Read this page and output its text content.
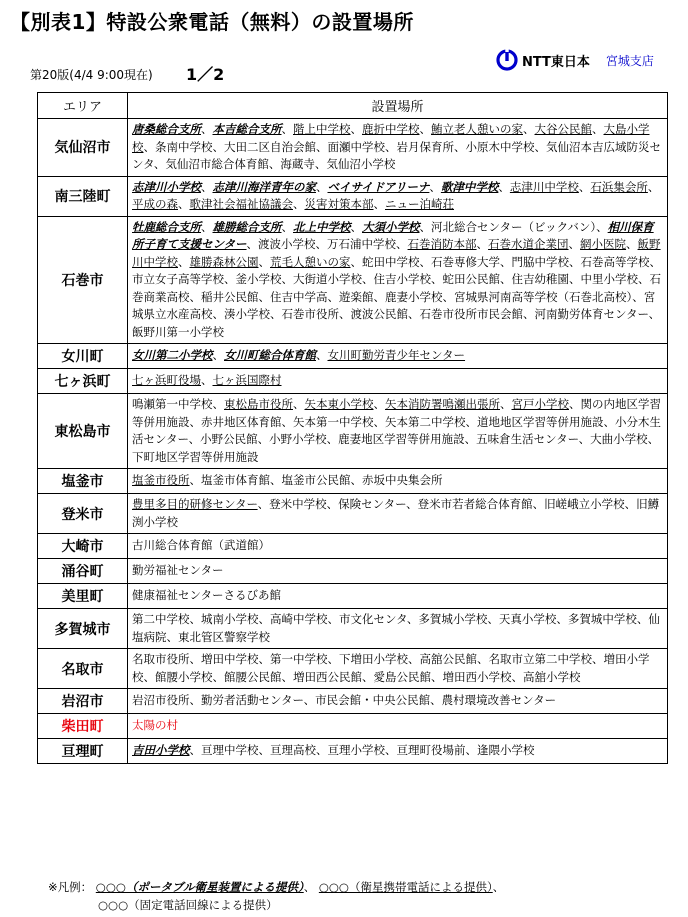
【別表1】特設公衆電話（無料）の設置場所
第20版(4/4 9:00現在) 1／2
NTT東日本 宮城支店
エリア	設置場所
気仙沼市	唐桑総合支所、本吉総合支所、階上中学校、鹿折中学校、鮪立老人憩いの家、大谷公民館、大島小学校、条南中学校、大田二区自治会館、面瀬中学校、岩月保育所、小原木中学校、気仙沼本吉広域防災センタ、気仙沼市総合体育館、海蔵寺、気仙沼小学校
南三陸町	志津川小学校、志津川海洋青年の家、ベイサイドアリーナ、歌津中学校、志津川中学校、石浜集会所、平成の森、歌津社会福祉協議会、災害対策本部、ニュー泊崎荘
石巻市	牡鹿総合支所、雄勝総合支所、北上中学校、大須小学校、河北総合センター（ビックバン）、相川保育所子育て支援センター、渡波小学校、万石浦中学校、石巻消防本部、石巻水道企業団、網小医院、飯野川中学校、雄勝森林公園、荒毛人憩いの家、蛇田中学校、石巻専修大学、門脇中学校、石巻高等学校、市立女子高等学校、釜小学校、大街道小学校、住吉小学校、蛇田公民館、住吉幼稚園、中里小学校、石巻商業高校、稲井公民館、住吉中学高、遊楽館、鹿妻小学校、宮城県河南高等学校（石巻北高校）、宮城県立水産高校、湊小学校、石巻市役所、渡波公民館、石巻市役所市民会館、河南勤労体育センター、飯野川第一小学校
女川町	女川第二小学校、女川町総合体育館、女川町勤労青少年センター
七ヶ浜町	七ヶ浜町役場、七ヶ浜国際村
東松島市	鳴瀬第一中学校、東松島市役所、矢本東小学校、矢本消防署鳴瀬出張所、宮戸小学校、関の内地区学習等併用施設、赤井地区体育館、矢本第一中学校、矢本第二中学校、道地地区学習等併用施設、小分木生活センター、小野公民館、小野小学校、鹿妻地区学習等併用施設、五味倉生活センター、大曲小学校、下町地区学習等併用施設
塩釜市	塩釜市役所、塩釜市体育館、塩釜市公民館、赤坂中央集会所
登米市	豊里多目的研修センター、登米中学校、保険センター、登米市若者総合体育館、旧嵯峨立小学校、旧鱒渕小学校
大崎市	古川総合体育館（武道館）
涌谷町	勤労福祉センター
美里町	健康福祉センターさるびあ館
多賀城市	第二中学校、城南小学校、高崎中学校、市文化センタ、多賀城小学校、天真小学校、多賀城中学校、仙塩病院、東北管区警察学校
名取市	名取市役所、増田中学校、第一中学校、下増田小学校、高舘公民館、名取市立第二中学校、増田小学校、館腰小学校、館腰公民館、増田西公民館、愛島公民館、増田西小学校、高舘小学校
岩沼市	岩沼市役所、勤労者活動センター、市民会館・中央公民館、農村環境改善センター
柴田町	太陽の村
亘理町	吉田小学校、亘理中学校、亘理高校、亘理小学校、亘理町役場前、逢隈小学校
※凡例： ○○○（ポータブル衛星装置による提供）、 ○○○（衛星携帯電話による提供）、
○○○（固定電話回線による提供）
